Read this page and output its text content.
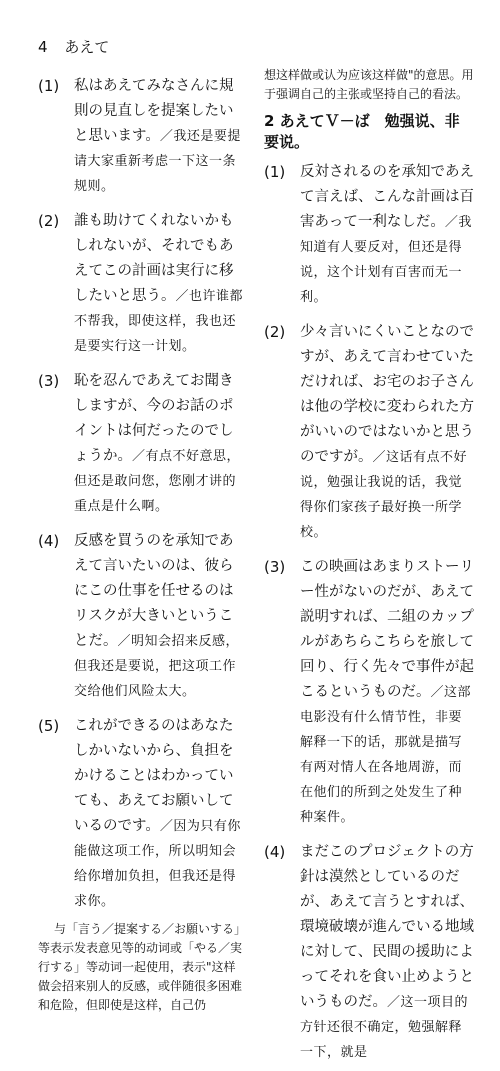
4 あえて
(1)	私はあえてみなさんに規則の見直しを提案したいと思います。／我还是要提请大家重新考虑一下这一条规则。
(2)	誰も助けてくれないかもしれないが、それでもあえてこの計画は実行に移したいと思う。／也许谁都不帮我，即使这样，我也还是要实行这一计划。
(3)	恥を忍んであえてお聞きしますが、今のお話のポイントは何だったのでしょうか。／有点不好意思，但还是敢问您，您刚才讲的重点是什么啊。
(4)	反感を買うのを承知であえて言いたいのは、彼らにこの仕事を任せるのはリスクが大きいということだ。／明知会招来反感，但我还是要说，把这项工作交给他们风险太大。
(5)	これができるのはあなたしかいないから、負担をかけることはわかっていても、あえてお願いしているのです。／因为只有你能做这项工作，所以明知会给你增加负担，但我还是得求你。
与「言う／提案する／お願いする」等表示发表意见等的动词或「やる／実行する」等动词一起使用，表示"这样做会招来别人的反感，或伴随很多困难和危险，但即使是这样，自己仍
想这样做或认为应该这样做"的意思。用于强调自己的主张或坚持自己的看法。
2 あえてＶ－ば　勉强说、非要说。
(1)	反対されるのを承知であえて言えば、こんな計画は百害あって一利なしだ。／我知道有人要反对，但还是得说，这个计划有百害而无一利。
(2)	少々言いにくいことなのですが、あえて言わせていただければ、お宅のお子さんは他の学校に変わられた方がいいのではないかと思うのですが。／这话有点不好说，勉强让我说的话，我觉得你们家孩子最好换一所学校。
(3)	この映画はあまりストーリー性がないのだが、あえて説明すれば、二組のカップルがあちらこちらを旅して回り、行く先々で事件が起こるというものだ。／这部电影没有什么情节性，非要解释一下的话，那就是描写有两对情人在各地周游，而在他们的所到之处发生了种种案件。
(4)	まだこのプロジェクトの方針は漠然としているのだが、あえて言うとすれば、環境破壊が進んでいる地域に対して、民間の援助によってそれを食い止めようというものだ。／这一项目的方针还很不确定，勉强解释一下，就是
